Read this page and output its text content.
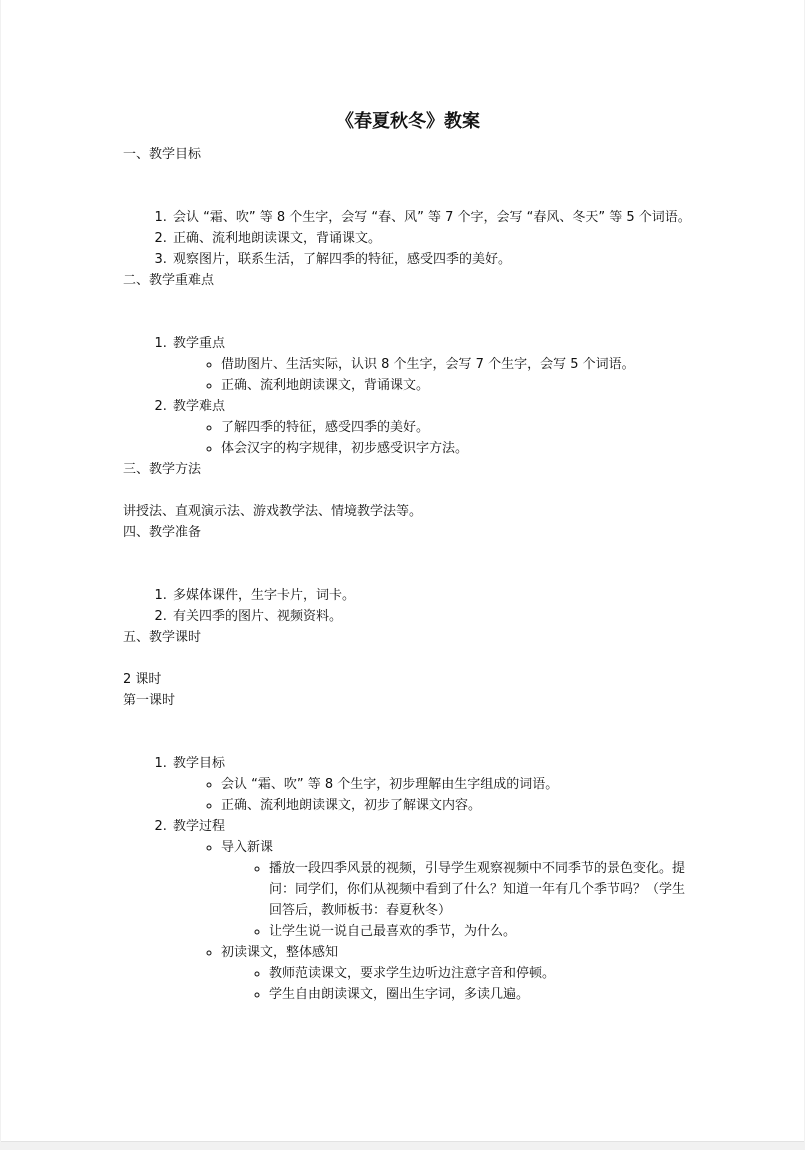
《春夏秋冬》教案

一、教学目标

1. 会认 “霜、吹” 等 8 个生字，会写 “春、风” 等 7 个字，会写 “春风、冬天” 等 5 个词语。
2. 正确、流利地朗读课文，背诵课文。
3. 观察图片，联系生活，了解四季的特征，感受四季的美好。

二、教学重难点

1. 教学重点
◦ 借助图片、生活实际，认识 8 个生字，会写 7 个生字，会写 5 个词语。
◦ 正确、流利地朗读课文，背诵课文。
2. 教学难点
◦ 了解四季的特征，感受四季的美好。
◦ 体会汉字的构字规律，初步感受识字方法。

三、教学方法

讲授法、直观演示法、游戏教学法、情境教学法等。

四、教学准备

1. 多媒体课件，生字卡片，词卡。
2. 有关四季的图片、视频资料。

五、教学课时

2 课时

第一课时

1. 教学目标
◦ 会认 “霜、吹” 等 8 个生字，初步理解由生字组成的词语。
◦ 正确、流利地朗读课文，初步了解课文内容。
2. 教学过程
◦ 导入新课
◦ 播放一段四季风景的视频，引导学生观察视频中不同季节的景色变化。提问：同学们，你们从视频中看到了什么？知道一年有几个季节吗？（学生回答后，教师板书：春夏秋冬）
◦ 让学生说一说自己最喜欢的季节，为什么。
◦ 初读课文，整体感知
◦ 教师范读课文，要求学生边听边注意字音和停顿。
◦ 学生自由朗读课文，圈出生字词，多读几遍。
